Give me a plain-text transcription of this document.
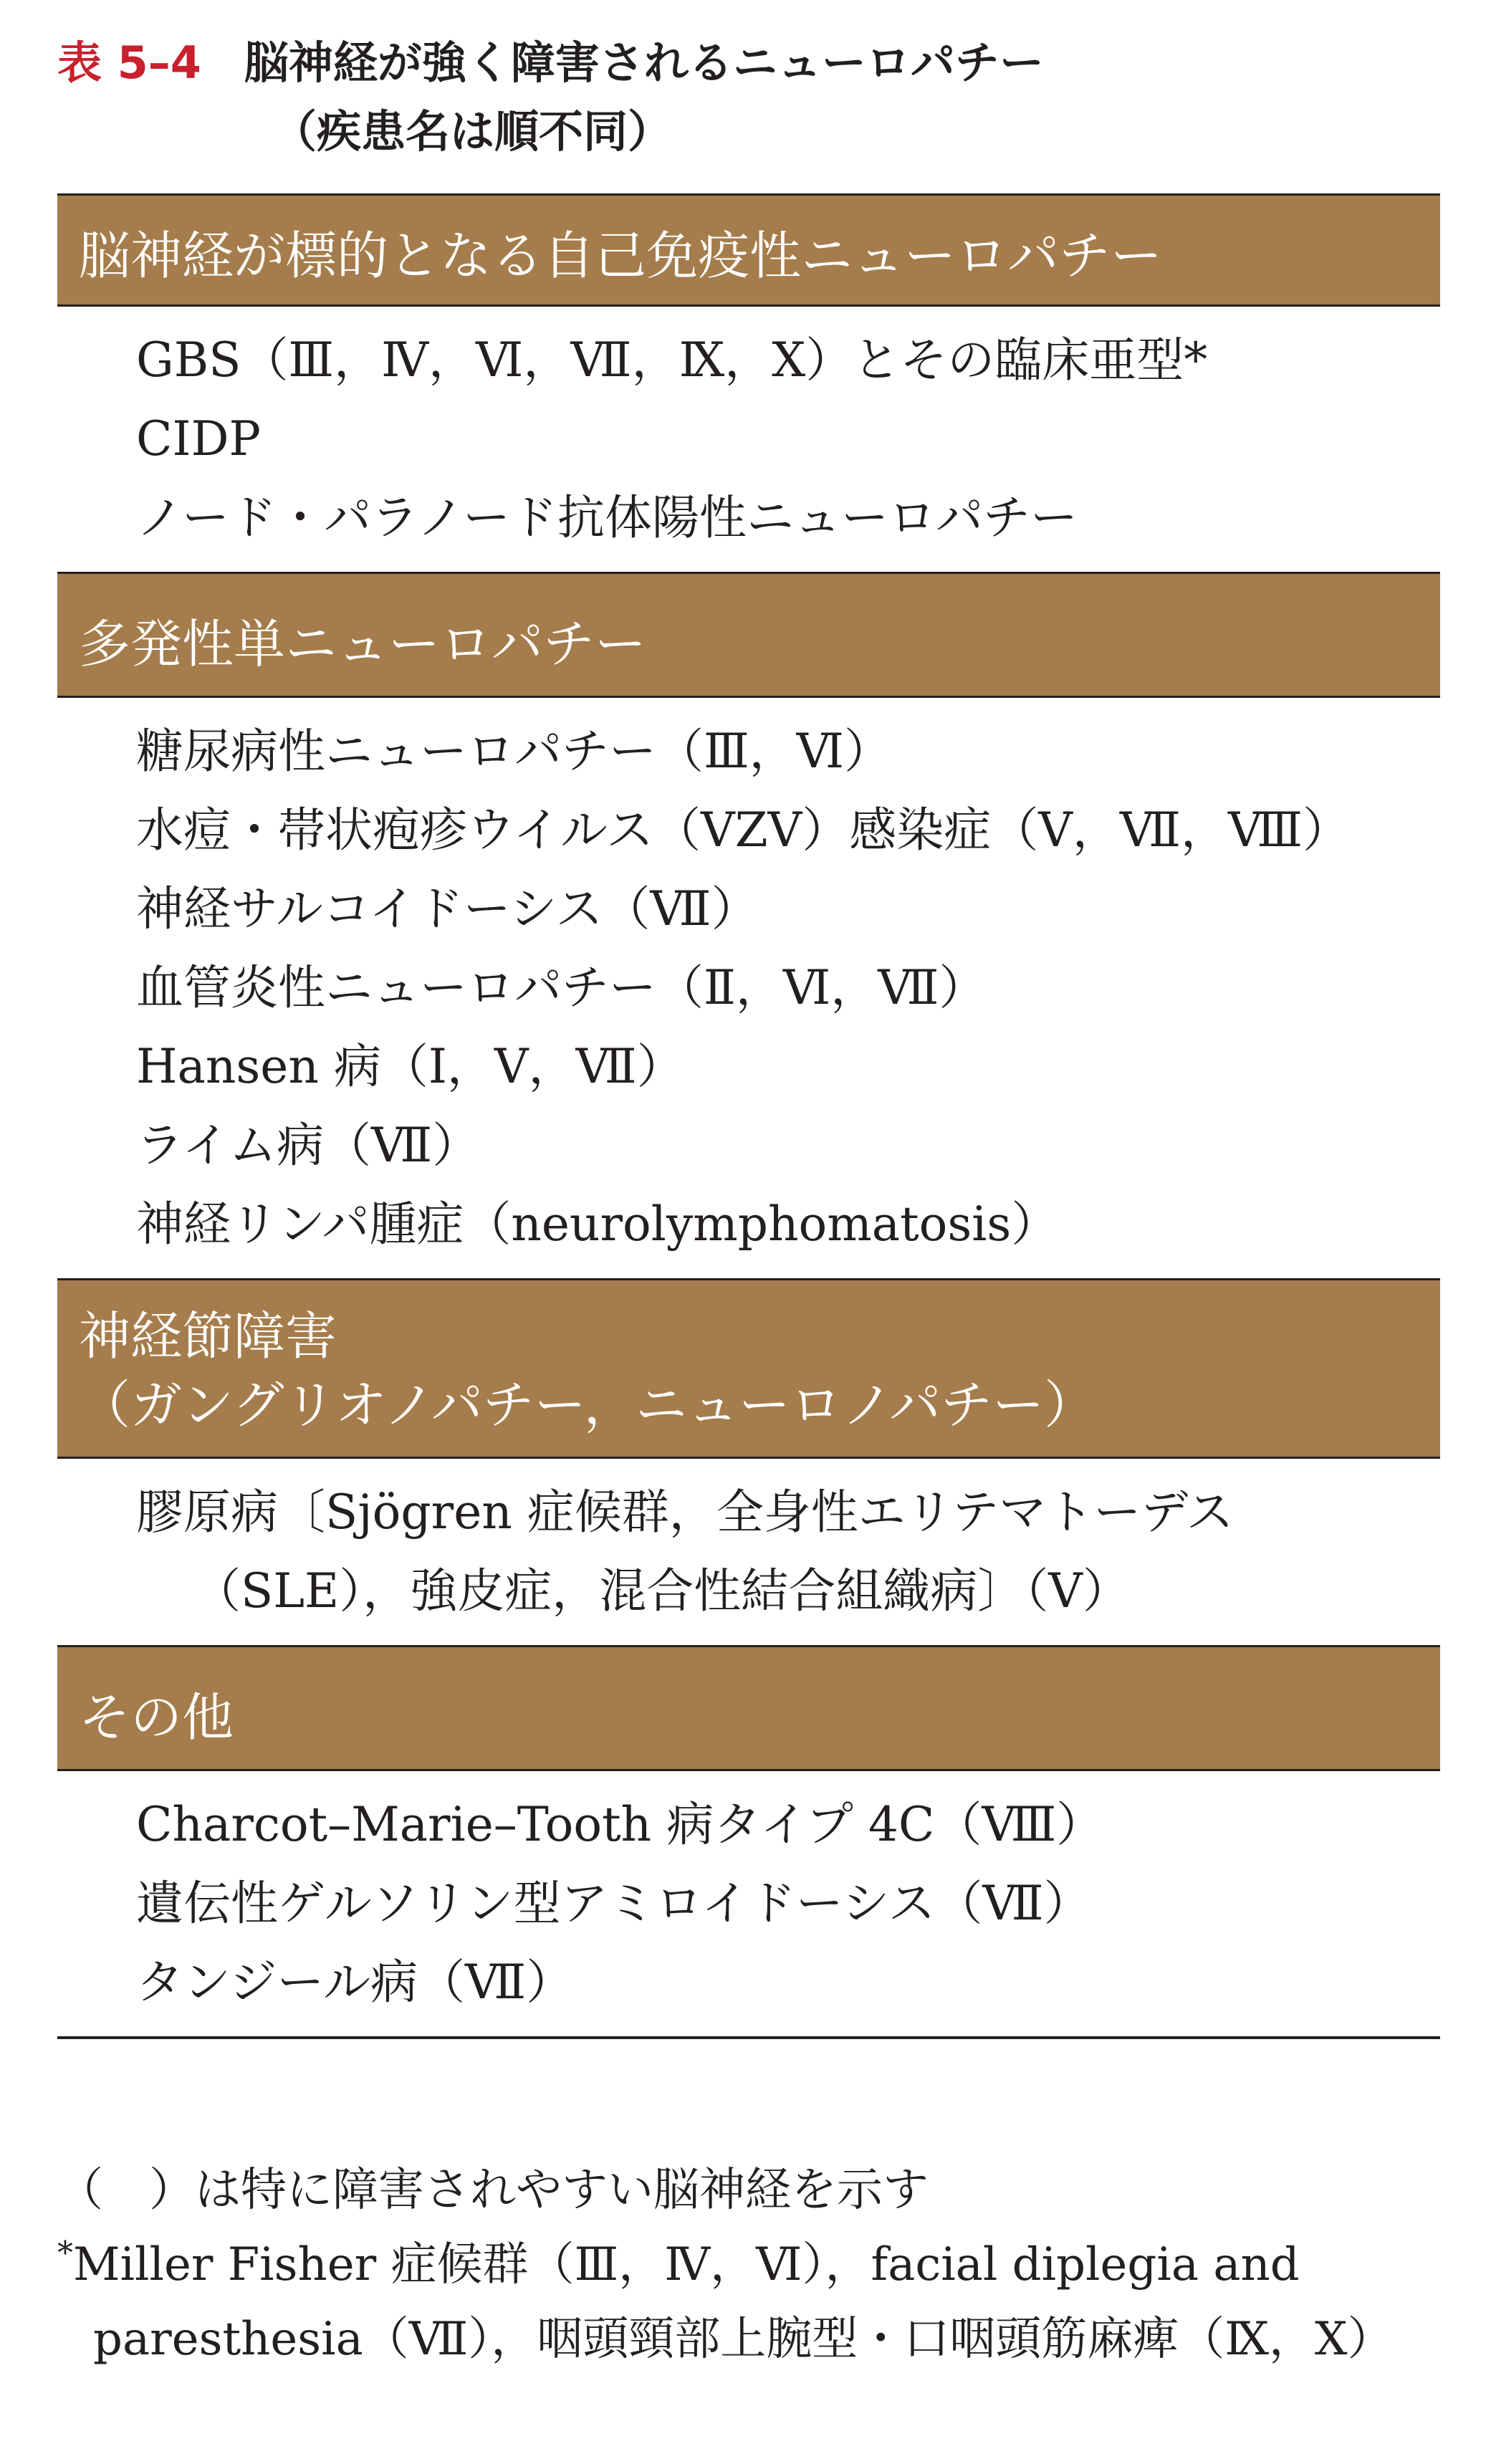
表 5–4 脳神経が強く障害されるニューロパチー
（疾患名は順不同）
脳神経が標的となる自己免疫性ニューロパチー
GBS（Ⅲ，Ⅳ，Ⅵ，Ⅶ，Ⅸ，Ⅹ）とその臨床亜型*
CIDP
ノード・パラノード抗体陽性ニューロパチー
多発性単ニューロパチー
糖尿病性ニューロパチー（Ⅲ，Ⅵ）
水痘・帯状疱疹ウイルス（VZV）感染症（Ⅴ，Ⅶ，Ⅷ）
神経サルコイドーシス（Ⅶ）
血管炎性ニューロパチー（Ⅱ，Ⅵ，Ⅶ）
Hansen 病（Ⅰ，Ⅴ，Ⅶ）
ライム病（Ⅶ）
神経リンパ腫症（neurolymphomatosis）
神経節障害
（ガングリオノパチー，ニューロノパチー）
膠原病〔Sjögren 症候群，全身性エリテマトーデス（SLE），強皮症，混合性結合組織病〕（Ⅴ）
その他
Charcot–Marie–Tooth 病タイプ 4C（Ⅷ）
遺伝性ゲルソリン型アミロイドーシス（Ⅶ）
タンジール病（Ⅶ）
（　）は特に障害されやすい脳神経を示す
*Miller Fisher 症候群（Ⅲ，Ⅳ，Ⅵ），facial diplegia and paresthesia（Ⅶ），咽頭頸部上腕型・口咽頭筋麻痺（Ⅸ，Ⅹ）
